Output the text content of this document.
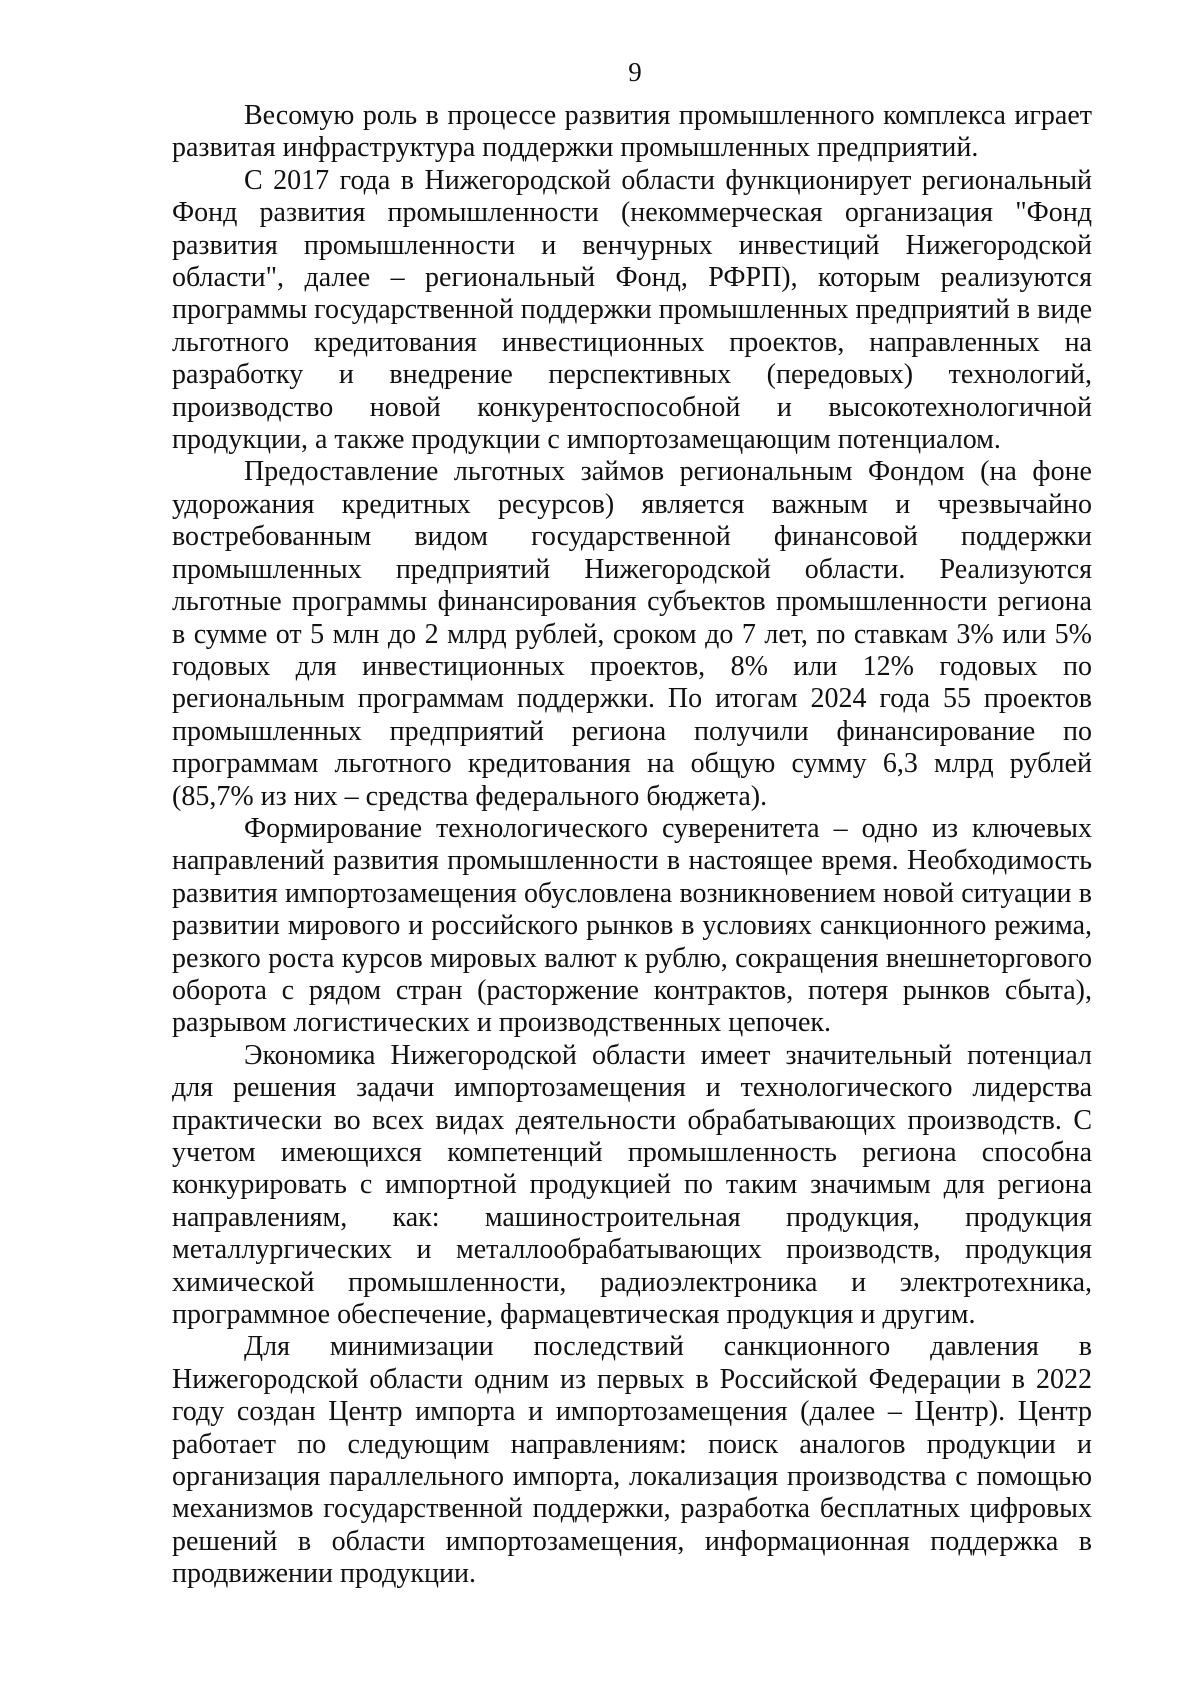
9

Весомую роль в процессе развития промышленного комплекса играет развитая инфраструктура поддержки промышленных предприятий.

С 2017 года в Нижегородской области функционирует региональный Фонд развития промышленности (некоммерческая организация "Фонд развития промышленности и венчурных инвестиций Нижегородской области", далее – региональный Фонд, РФРП), которым реализуются программы государственной поддержки промышленных предприятий в виде льготного кредитования инвестиционных проектов, направленных на разработку и внедрение перспективных (передовых) технологий, производство новой конкурентоспособной и высокотехнологичной продукции, а также продукции с импортозамещающим потенциалом.

Предоставление льготных займов региональным Фондом (на фоне удорожания кредитных ресурсов) является важным и чрезвычайно востребованным видом государственной финансовой поддержки промышленных предприятий Нижегородской области. Реализуются льготные программы финансирования субъектов промышленности региона в сумме от 5 млн до 2 млрд рублей, сроком до 7 лет, по ставкам 3% или 5% годовых для инвестиционных проектов, 8% или 12% годовых по региональным программам поддержки. По итогам 2024 года 55 проектов промышленных предприятий региона получили финансирование по программам льготного кредитования на общую сумму 6,3 млрд рублей (85,7% из них – средства федерального бюджета).

Формирование технологического суверенитета – одно из ключевых направлений развития промышленности в настоящее время. Необходимость развития импортозамещения обусловлена возникновением новой ситуации в развитии мирового и российского рынков в условиях санкционного режима, резкого роста курсов мировых валют к рублю, сокращения внешнеторгового оборота с рядом стран (расторжение контрактов, потеря рынков сбыта), разрывом логистических и производственных цепочек.

Экономика Нижегородской области имеет значительный потенциал для решения задачи импортозамещения и технологического лидерства практически во всех видах деятельности обрабатывающих производств. С учетом имеющихся компетенций промышленность региона способна конкурировать с импортной продукцией по таким значимым для региона направлениям, как: машиностроительная продукция, продукция металлургических и металлообрабатывающих производств, продукция химической промышленности, радиоэлектроника и электротехника, программное обеспечение, фармацевтическая продукция и другим.

Для минимизации последствий санкционного давления в Нижегородской области одним из первых в Российской Федерации в 2022 году создан Центр импорта и импортозамещения (далее – Центр). Центр работает по следующим направлениям: поиск аналогов продукции и организация параллельного импорта, локализация производства с помощью механизмов государственной поддержки, разработка бесплатных цифровых решений в области импортозамещения, информационная поддержка в продвижении продукции.
